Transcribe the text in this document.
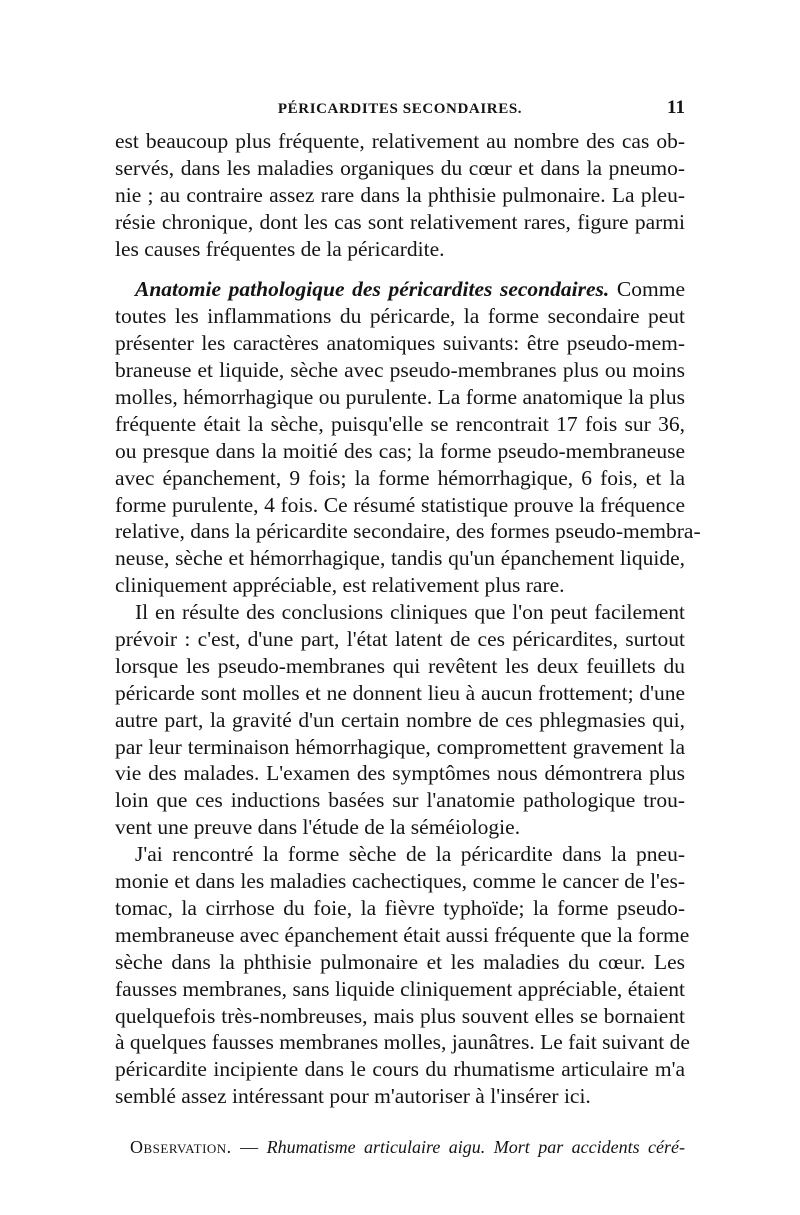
PÉRICARDITES SECONDAIRES.	11
est beaucoup plus fréquente, relativement au nombre des cas ob-
servés, dans les maladies organiques du cœur et dans la pneumo-
nie ; au contraire assez rare dans la phthisie pulmonaire. La pleu-
résie chronique, dont les cas sont relativement rares, figure parmi
les causes fréquentes de la péricardite.
Anatomie pathologique des péricardites secondaires. Comme
toutes les inflammations du péricarde, la forme secondaire peut
présenter les caractères anatomiques suivants: être pseudo-mem-
braneuse et liquide, sèche avec pseudo-membranes plus ou moins
molles, hémorrhagique ou purulente. La forme anatomique la plus
fréquente était la sèche, puisqu'elle se rencontrait 17 fois sur 36,
ou presque dans la moitié des cas; la forme pseudo-membraneuse
avec épanchement, 9 fois; la forme hémorrhagique, 6 fois, et la
forme purulente, 4 fois. Ce résumé statistique prouve la fréquence
relative, dans la péricardite secondaire, des formes pseudo-membra-
neuse, sèche et hémorrhagique, tandis qu'un épanchement liquide,
cliniquement appréciable, est relativement plus rare.
Il en résulte des conclusions cliniques que l'on peut facilement
prévoir : c'est, d'une part, l'état latent de ces péricardites, surtout
lorsque les pseudo-membranes qui revêtent les deux feuillets du
péricarde sont molles et ne donnent lieu à aucun frottement; d'une
autre part, la gravité d'un certain nombre de ces phlegmasies qui,
par leur terminaison hémorrhagique, compromettent gravement la
vie des malades. L'examen des symptômes nous démontrera plus
loin que ces inductions basées sur l'anatomie pathologique trou-
vent une preuve dans l'étude de la séméiologie.
J'ai rencontré la forme sèche de la péricardite dans la pneu-
monie et dans les maladies cachectiques, comme le cancer de l'es-
tomac, la cirrhose du foie, la fièvre typhoïde; la forme pseudo-
membraneuse avec épanchement était aussi fréquente que la forme
sèche dans la phthisie pulmonaire et les maladies du cœur. Les
fausses membranes, sans liquide cliniquement appréciable, étaient
quelquefois très-nombreuses, mais plus souvent elles se bornaient
à quelques fausses membranes molles, jaunâtres. Le fait suivant de
péricardite incipiente dans le cours du rhumatisme articulaire m'a
semblé assez intéressant pour m'autoriser à l'insérer ici.
Observation. — Rhumatisme articulaire aigu. Mort par accidents céré-
